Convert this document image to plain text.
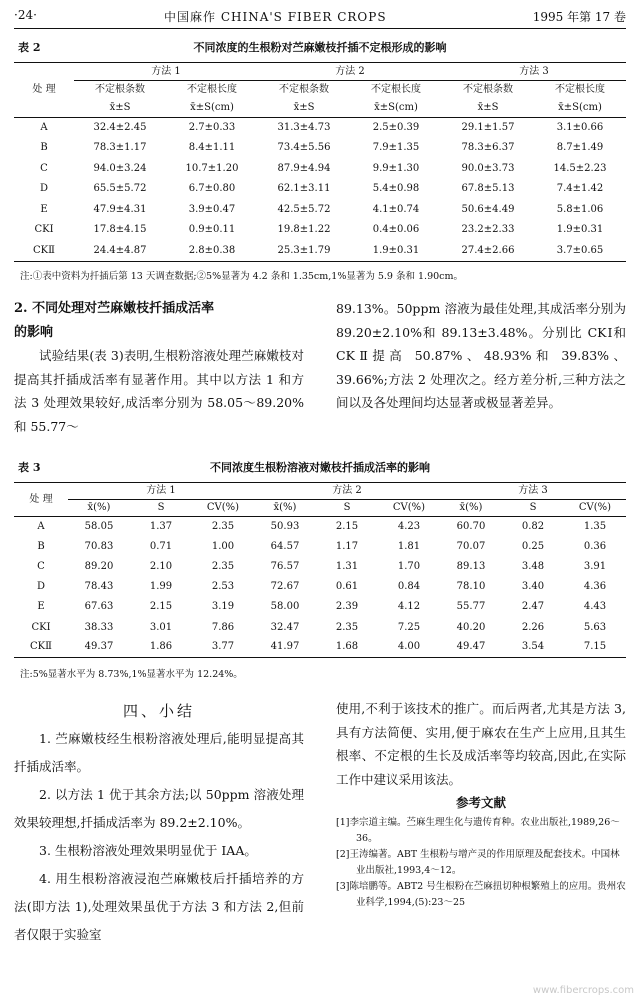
·24·	中国麻作 CHINA'S FIBER CROPS	1995 年第 17 卷
表 2	不同浓度的生根粉对苎麻嫩枝扦插不定根形成的影响
处 理	方法 1		方法 2		方法 3	
	不定根条数	不定根长度	不定根条数	不定根长度	不定根条数	不定根长度
	x̄±S	x̄±S(cm)	x̄±S	x̄±S(cm)	x̄±S	x̄±S(cm)
A	32.4±2.45	2.7±0.33	31.3±4.73	2.5±0.39	29.1±1.57	3.1±0.66
B	78.3±1.17	8.4±1.11	73.4±5.56	7.9±1.35	78.3±6.37	8.7±1.49
C	94.0±3.24	10.7±1.20	87.9±4.94	9.9±1.30	90.0±3.73	14.5±2.23
D	65.5±5.72	6.7±0.80	62.1±3.11	5.4±0.98	67.8±5.13	7.4±1.42
E	47.9±4.31	3.9±0.47	42.5±5.72	4.1±0.74	50.6±4.49	5.8±1.06
CKⅠ	17.8±4.15	0.9±0.11	19.8±1.22	0.4±0.06	23.2±2.33	1.9±0.31
CKⅡ	24.4±4.87	2.8±0.38	25.3±1.79	1.9±0.31	27.4±2.66	3.7±0.65
注:①表中资料为扦插后第 13 天调查数据;②5%显著为 4.2 条和 1.35cm,1%显著为 5.9 条和 1.90cm。

2. 不同处理对苎麻嫩枝扦插成活率

的影响

试验结果(表 3)表明,生根粉溶液处理苎麻嫩枝对提高其扦插成活率有显著作用。其中以方法 1 和方法 3 处理效果较好,成活率分别为 58.05～89.20%和 55.77～

89.13%。50ppm 溶液为最佳处理,其成活率分别为 89.20±2.10%和 89.13±3.48%。分别比 CKⅠ和 CKⅡ提高 50.87%、48.93%和 39.83%、39.66%;方法 2 处理次之。经方差分析,三种方法之间以及各处理间均达显著或极显著差异。

表 3	不同浓度生根粉溶液对嫩枝扦插成活率的影响
处 理	方法 1			方法 2			方法 3		
	x̄(%)	S	CV(%)	x̄(%)	S	CV(%)	x̄(%)	S	CV(%)
A	58.05	1.37	2.35	50.93	2.15	4.23	60.70	0.82	1.35
B	70.83	0.71	1.00	64.57	1.17	1.81	70.07	0.25	0.36
C	89.20	2.10	2.35	76.57	1.31	1.70	89.13	3.48	3.91
D	78.43	1.99	2.53	72.67	0.61	0.84	78.10	3.40	4.36
E	67.63	2.15	3.19	58.00	2.39	4.12	55.77	2.47	4.43
CKⅠ	38.33	3.01	7.86	32.47	2.35	7.25	40.20	2.26	5.63
CKⅡ	49.37	1.86	3.77	41.97	1.68	4.00	49.47	3.54	7.15
注:5%显著水平为 8.73%,1%显著水平为 12.24%。

四、小结

1. 苎麻嫩枝经生根粉溶液处理后,能明显提高其扦插成活率。

2. 以方法 1 优于其余方法;以 50ppm 溶液处理效果较理想,扦插成活率为 89.2±2.10%。

3. 生根粉溶液处理效果明显优于 IAA。

4. 用生根粉溶液浸泡苎麻嫩枝后扦插培养的方法(即方法 1),处理效果虽优于方法 3 和方法 2,但前者仅限于实验室

使用,不利于该技术的推广。而后两者,尤其是方法 3,具有方法简便、实用,便于麻农在生产上应用,且其生根率、不定根的生长及成活率等均较高,因此,在实际工作中建议采用该法。

参考文献

[1]李宗道主编。苎麻生理生化与遗传育种。农业出版社,1989,26～36。

[2]王涛编著。ABT 生根粉与增产灵的作用原理及配套技术。中国林业出版社,1993,4～12。

[3]陈培鹏等。ABT2 号生根粉在苎麻扭切种根繁殖上的应用。贵州农业科学,1994,(5):23～25

www.fibercrops.com
